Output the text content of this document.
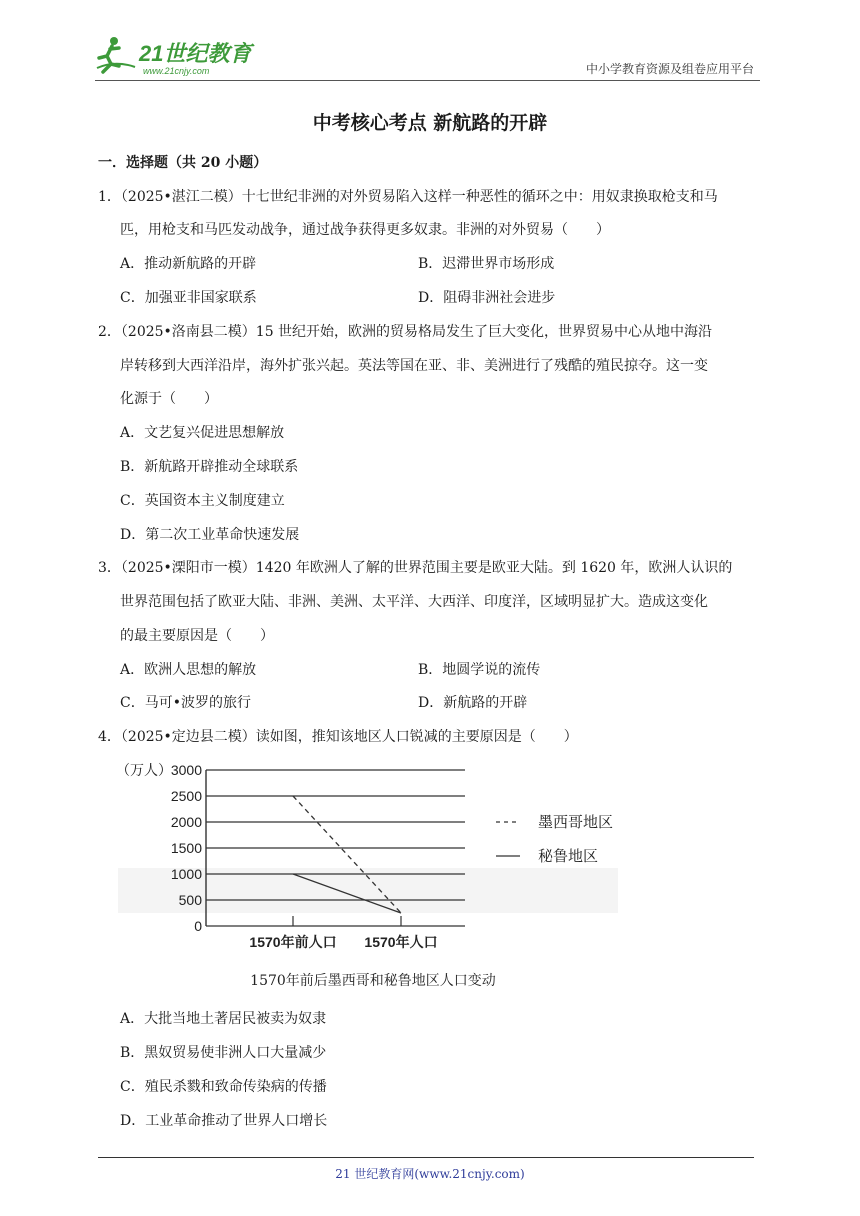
21世纪教育
www.21cnjy.com	中小学教育资源及组卷应用平台
中考核心考点 新航路的开辟
一．选择题（共 20 小题）
1．（2025•湛江二模）十七世纪非洲的对外贸易陷入这样一种恶性的循环之中：用奴隶换取枪支和马
匹，用枪支和马匹发动战争，通过战争获得更多奴隶。非洲的对外贸易（　　）
A．推动新航路的开辟	B．迟滞世界市场形成
C．加强亚非国家联系	D．阻碍非洲社会进步
2．（2025•洛南县二模）15 世纪开始，欧洲的贸易格局发生了巨大变化，世界贸易中心从地中海沿
岸转移到大西洋沿岸，海外扩张兴起。英法等国在亚、非、美洲进行了残酷的殖民掠夺。这一变
化源于（　　）
A．文艺复兴促进思想解放
B．新航路开辟推动全球联系
C．英国资本主义制度建立
D．第二次工业革命快速发展
3．（2025•溧阳市一模）1420 年欧洲人了解的世界范围主要是欧亚大陆。到 1620 年，欧洲人认识的
世界范围包括了欧亚大陆、非洲、美洲、太平洋、大西洋、印度洋，区域明显扩大。造成这变化
的最主要原因是（　　）
A．欧洲人思想的解放	B．地圆学说的流传
C．马可•波罗的旅行	D．新航路的开辟
4．（2025•定边县二模）读如图，推知该地区人口锐减的主要原因是（　　）
0
500
1000
1500
2000
2500
3000
（万人）
1570年前人口 1570年人口
墨西哥地区
秘鲁地区
1570年前后墨西哥和秘鲁地区人口变动
A．大批当地土著居民被卖为奴隶
B．黑奴贸易使非洲人口大量减少
C．殖民杀戮和致命传染病的传播
D．工业革命推动了世界人口增长
21 世纪教育网(www.21cnjy.com)
